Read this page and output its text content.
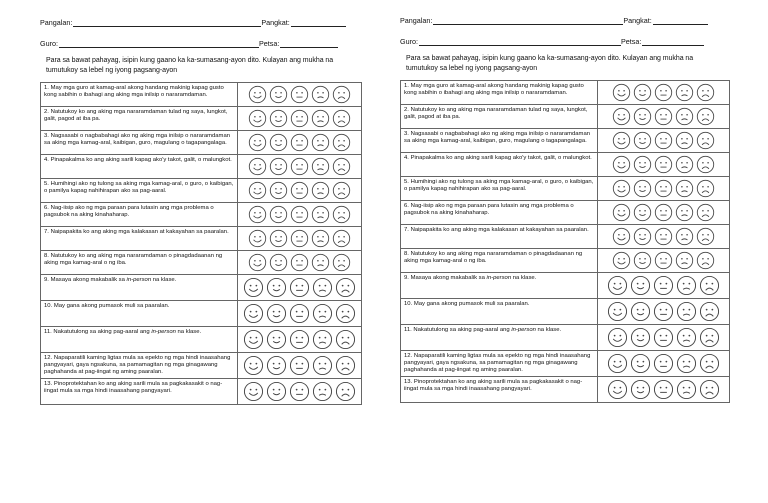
Pangalan:	Pangkat:
Guro:	Petsa:
Para sa bawat pahayag, isipin kung gaano ka ka-sumasang-ayon dito. Kulayan ang mukha na tumutukoy sa lebel ng iyong pagsang-ayon
1. May mga guro at kamag-aral akong handang makinig kapag gusto kong sabihin o ibahagi ang aking mga inilsip o nararamdaman.	

2. Natutukoy ko ang aking mga nararamdaman tulad ng saya, lungkot, galit, pagod at iba pa.	

3. Nagsasabi o nagbabahagi ako ng aking mga inilsip o nararamdaman sa aking mga kamag-aral, kaibigan, guro, magulang o tagapangalaga.	

4. Pinapakalma ko ang aking sarili kapag ako'y takot, galit, o malungkot.	

5. Humihingi ako ng tulong sa aking mga kamag-aral, o guro, o kaibigan, o pamilya kapag nahihirapan ako sa pag-aaral.	

6. Nag-iisip ako ng mga paraan para lutasin ang mga problema o pagsubok na aking kinahaharap.	

7. Naipapakita ko ang aking mga kalakasan at kakayahan sa paaralan.	

8. Natutukoy ko ang aking mga nararamdaman o pinagdadaanan ng aking mga kamag-aral o ng iba.	

9. Masaya akong makabalik sa in-person na klase.	

10. May gana akong pumasok muli sa paaralan.	

11. Nakatutulong sa aking pag-aaral ang in-person na klase.	

12. Napaparatili kaming ligtas mula sa epekto ng mga hindi inaasahang pangyayari, gaya ngsakuna, sa pamamagitan ng mga ginagawang paghahanda at pag-iingat ng aming paaralan.	

13. Pinoprotektahan ko ang aking sarili mula sa pagkakasakit o nag-iingat mula sa mga hindi inaasahang pangyayari.	
Pangalan:	Pangkat:
Guro:	Petsa:
Para sa bawat pahayag, isipin kung gaano ka ka-sumasang-ayon dito. Kulayan ang mukha na tumutukoy sa lebel ng iyong pagsang-ayon
1. May mga guro at kamag-aral akong handang makinig kapag gusto kong sabihin o ibahagi ang aking mga inilsip o nararamdaman.	

2. Natutukoy ko ang aking mga nararamdaman tulad ng saya, lungkot, galit, pagod at iba pa.	

3. Nagsasabi o nagbabahagi ako ng aking mga inilsip o nararamdaman sa aking mga kamag-aral, kaibigan, guro, magulang o tagapangalaga.	

4. Pinapakalma ko ang aking sarili kapag ako'y takot, galit, o malungkot.	

5. Humihingi ako ng tulong sa aking mga kamag-aral, o guro, o kaibigan, o pamilya kapag nahihirapan ako sa pag-aaral.	

6. Nag-iisip ako ng mga paraan para lutasin ang mga problema o pagsubok na aking kinahaharap.	

7. Naipapakita ko ang aking mga kalakasan at kakayahan sa paaralan.	

8. Natutukoy ko ang aking mga nararamdaman o pinagdadaanan ng aking mga kamag-aral o ng iba.	

9. Masaya akong makabalik sa in-person na klase.	

10. May gana akong pumasok muli sa paaralan.	

11. Nakatutulong sa aking pag-aaral ang in-person na klase.	

12. Napaparatili kaming ligtas mula sa epekto ng mga hindi inaasahang pangyayari, gaya ngsakuna, sa pamamagitan ng mga ginagawang paghahanda at pag-iingat ng aming paaralan.	

13. Pinoprotektahan ko ang aking sarili mula sa pagkakasakit o nag-iingat mula sa mga hindi inaasahang pangyayari.	
